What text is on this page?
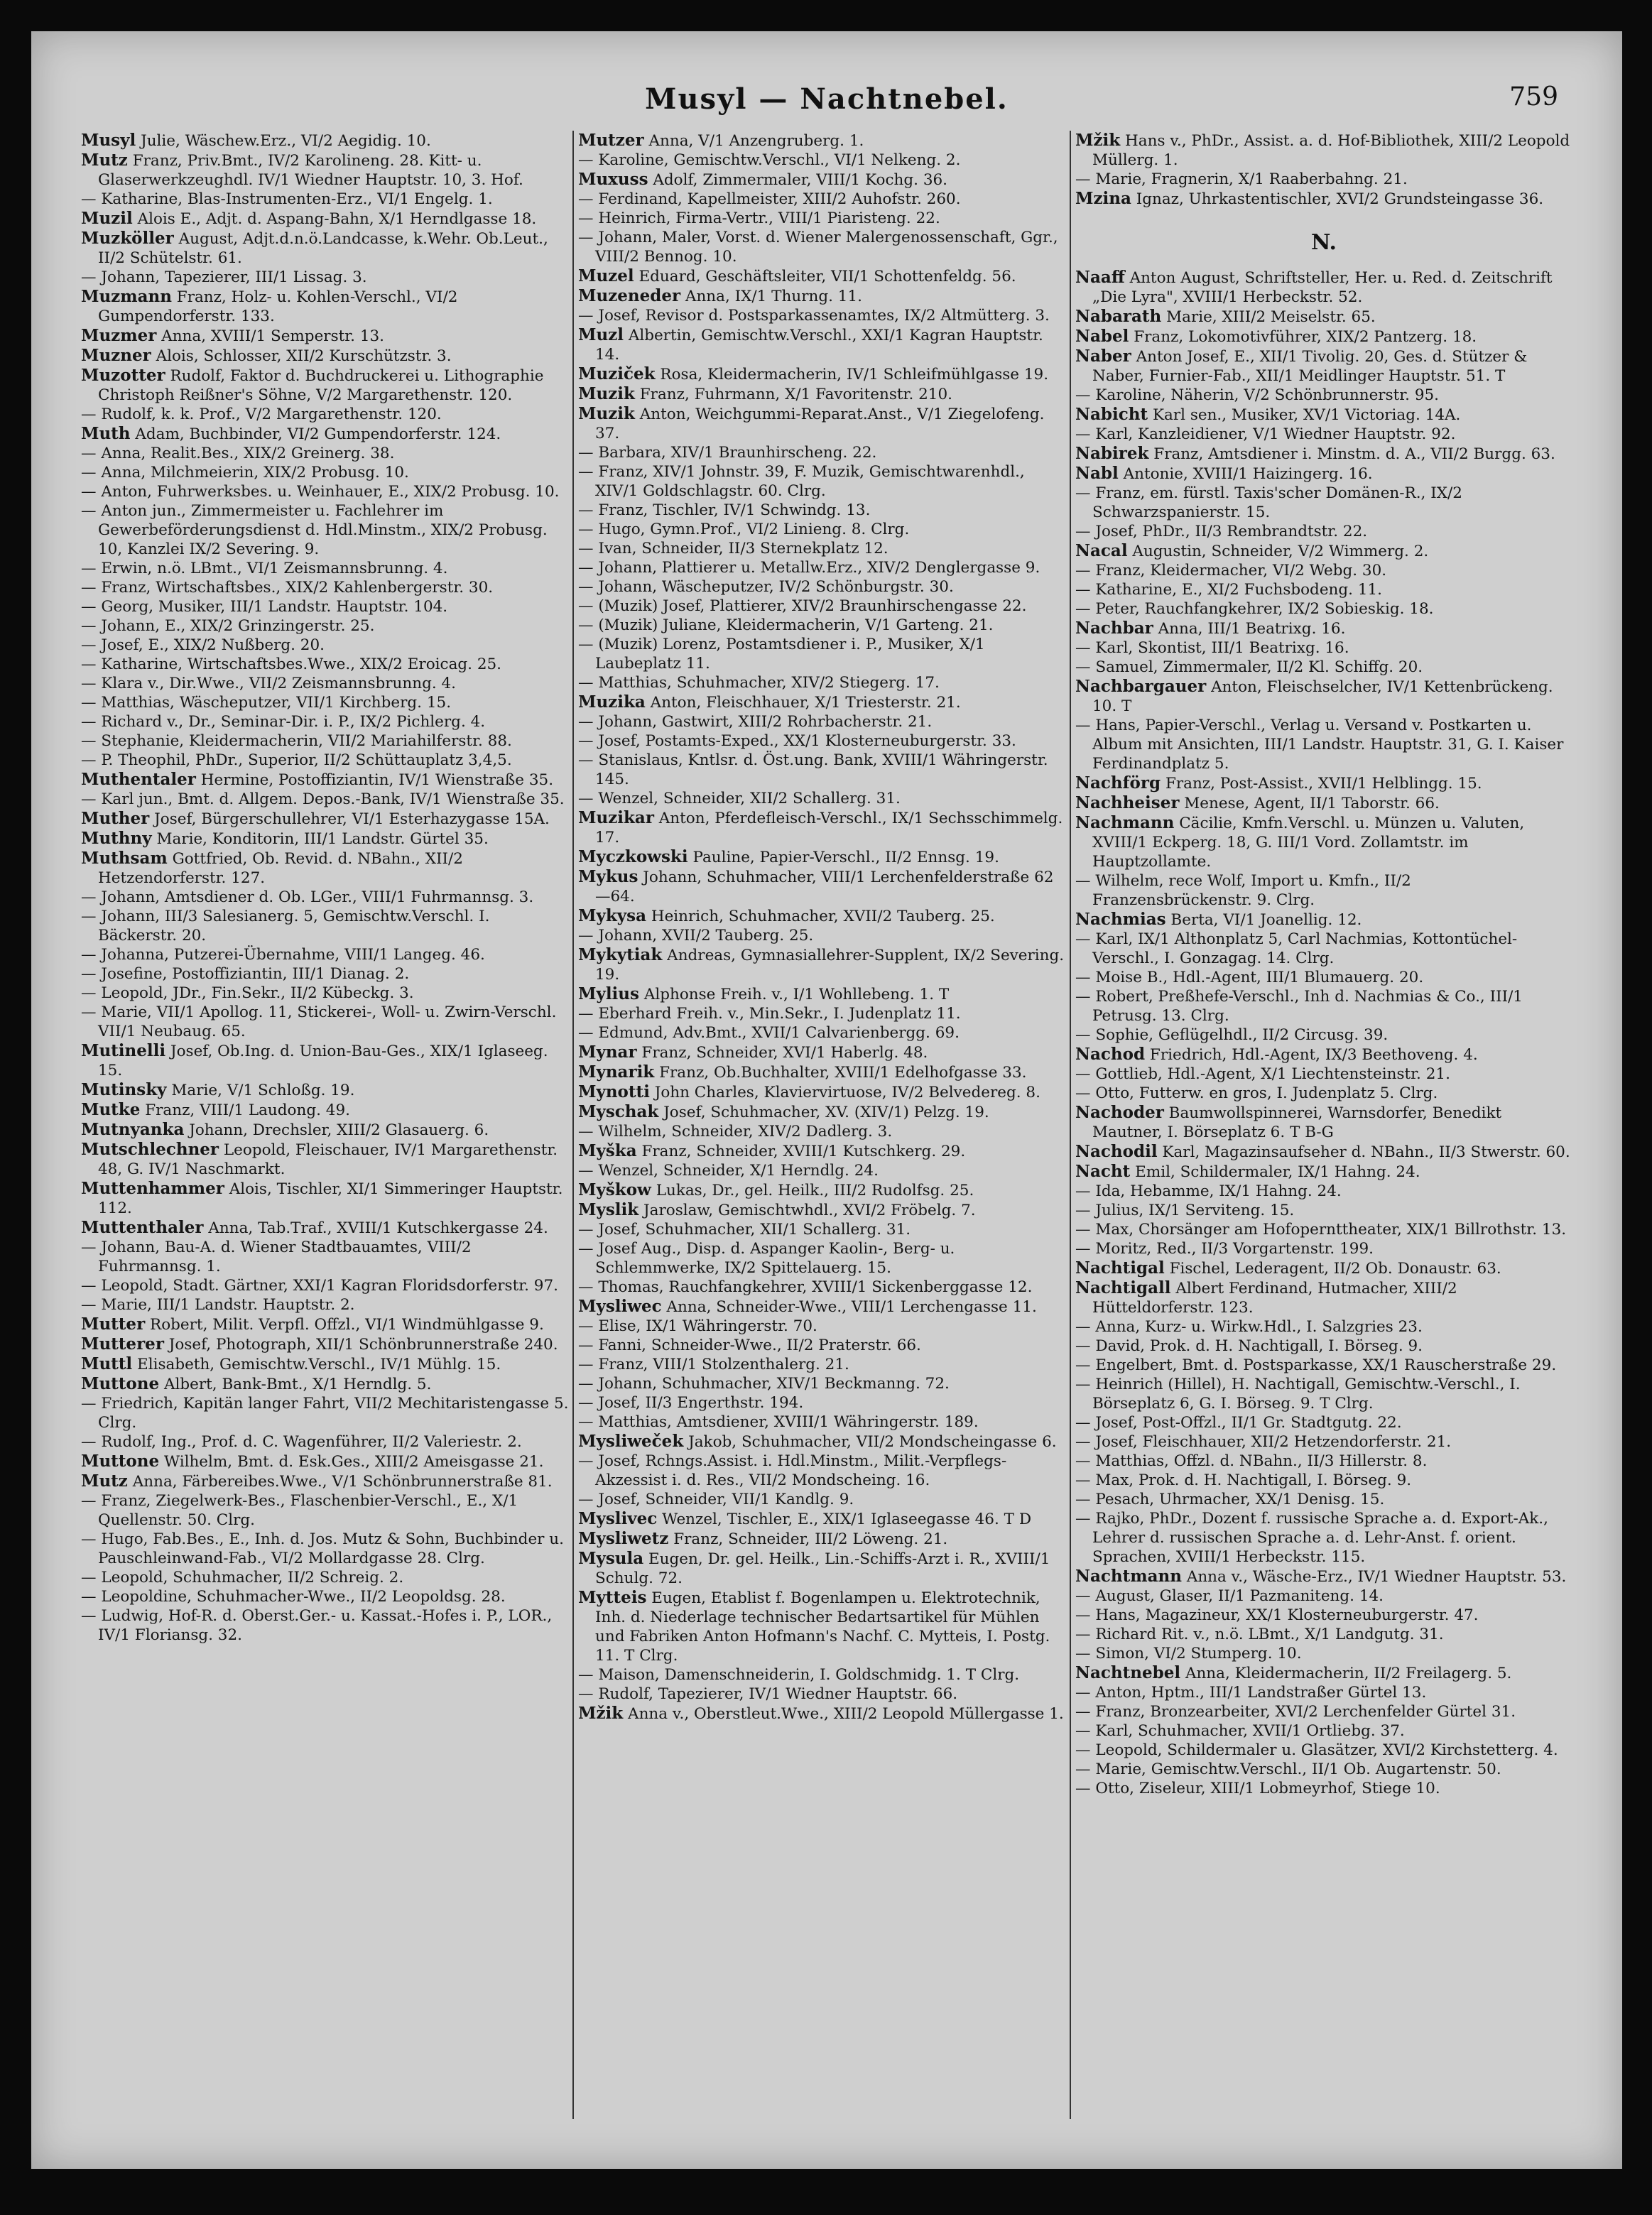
Musyl — Nachtnebel.	759

Musyl Julie, Wäschew.Erz., VI/2 Aegidig. 10.

Mutz Franz, Priv.Bmt., IV/2 Karolineng. 28. Kitt- u. Glaserwerkzeughdl. IV/1 Wiedner Hauptstr. 10, 3. Hof.

— Katharine, Blas-Instrumenten-Erz., VI/1 Engelg. 1.

Muzil Alois E., Adjt. d. Aspang-Bahn, X/1 Herndlgasse 18.

Muzköller August, Adjt.d.n.ö.Landcasse, k.Wehr. Ob.Leut., II/2 Schütelstr. 61.

— Johann, Tapezierer, III/1 Lissag. 3.

Muzmann Franz, Holz- u. Kohlen-Verschl., VI/2 Gumpendorferstr. 133.

Muzmer Anna, XVIII/1 Semperstr. 13.

Muzner Alois, Schlosser, XII/2 Kurschützstr. 3.

Muzotter Rudolf, Faktor d. Buchdruckerei u. Lithographie Christoph Reißner's Söhne, V/2 Margarethenstr. 120.

— Rudolf, k. k. Prof., V/2 Margarethenstr. 120.

Muth Adam, Buchbinder, VI/2 Gumpendorferstr. 124.

— Anna, Realit.Bes., XIX/2 Greinerg. 38.

— Anna, Milchmeierin, XIX/2 Probusg. 10.

— Anton, Fuhrwerksbes. u. Weinhauer, E., XIX/2 Probusg. 10.

— Anton jun., Zimmermeister u. Fachlehrer im Gewerbeförderungsdienst d. Hdl.Minstm., XIX/2 Probusg. 10, Kanzlei IX/2 Severing. 9.

— Erwin, n.ö. LBmt., VI/1 Zeismannsbrunng. 4.

— Franz, Wirtschaftsbes., XIX/2 Kahlenbergerstr. 30.

— Georg, Musiker, III/1 Landstr. Hauptstr. 104.

— Johann, E., XIX/2 Grinzingerstr. 25.

— Josef, E., XIX/2 Nußberg. 20.

— Katharine, Wirtschaftsbes.Wwe., XIX/2 Eroicag. 25.

— Klara v., Dir.Wwe., VII/2 Zeismannsbrunng. 4.

— Matthias, Wäscheputzer, VII/1 Kirchberg. 15.

— Richard v., Dr., Seminar-Dir. i. P., IX/2 Pichlerg. 4.

— Stephanie, Kleidermacherin, VII/2 Mariahilferstr. 88.

— P. Theophil, PhDr., Superior, II/2 Schüttauplatz 3,4,5.

Muthentaler Hermine, Postoffiziantin, IV/1 Wienstraße 35.

— Karl jun., Bmt. d. Allgem. Depos.-Bank, IV/1 Wienstraße 35.

Muther Josef, Bürgerschullehrer, VI/1 Esterhazygasse 15A.

Muthny Marie, Konditorin, III/1 Landstr. Gürtel 35.

Muthsam Gottfried, Ob. Revid. d. NBahn., XII/2 Hetzendorferstr. 127.

— Johann, Amtsdiener d. Ob. LGer., VIII/1 Fuhrmannsg. 3.

— Johann, III/3 Salesianerg. 5, Gemischtw.Verschl. I. Bäckerstr. 20.

— Johanna, Putzerei-Übernahme, VIII/1 Langeg. 46.

— Josefine, Postoffiziantin, III/1 Dianag. 2.

— Leopold, JDr., Fin.Sekr., II/2 Kübeckg. 3.

— Marie, VII/1 Apollog. 11, Stickerei-, Woll- u. Zwirn-Verschl. VII/1 Neubaug. 65.

Mutinelli Josef, Ob.Ing. d. Union-Bau-Ges., XIX/1 Iglaseeg. 15.

Mutinsky Marie, V/1 Schloßg. 19.

Mutke Franz, VIII/1 Laudong. 49.

Mutnyanka Johann, Drechsler, XIII/2 Glasauerg. 6.

Mutschlechner Leopold, Fleischauer, IV/1 Margarethenstr. 48, G. IV/1 Naschmarkt.

Muttenhammer Alois, Tischler, XI/1 Simmeringer Hauptstr. 112.

Muttenthaler Anna, Tab.Traf., XVIII/1 Kutschkergasse 24.

— Johann, Bau-A. d. Wiener Stadtbauamtes, VIII/2 Fuhrmannsg. 1.

— Leopold, Stadt. Gärtner, XXI/1 Kagran Floridsdorferstr. 97.

— Marie, III/1 Landstr. Hauptstr. 2.

Mutter Robert, Milit. Verpfl. Offzl., VI/1 Windmühlgasse 9.

Mutterer Josef, Photograph, XII/1 Schönbrunnerstraße 240.

Muttl Elisabeth, Gemischtw.Verschl., IV/1 Mühlg. 15.

Muttone Albert, Bank-Bmt., X/1 Herndlg. 5.

— Friedrich, Kapitän langer Fahrt, VII/2 Mechitaristengasse 5. Clrg.

— Rudolf, Ing., Prof. d. C. Wagenführer, II/2 Valeriestr. 2.

Muttone Wilhelm, Bmt. d. Esk.Ges., XIII/2 Ameisgasse 21.

Mutz Anna, Färbereibes.Wwe., V/1 Schönbrunnerstraße 81.

— Franz, Ziegelwerk-Bes., Flaschenbier-Verschl., E., X/1 Quellenstr. 50. Clrg.

— Hugo, Fab.Bes., E., Inh. d. Jos. Mutz & Sohn, Buchbinder u. Pauschleinwand-Fab., VI/2 Mollardgasse 28. Clrg.

— Leopold, Schuhmacher, II/2 Schreig. 2.

— Leopoldine, Schuhmacher-Wwe., II/2 Leopoldsg. 28.

— Ludwig, Hof-R. d. Oberst.Ger.- u. Kassat.-Hofes i. P., LOR., IV/1 Floriansg. 32.

Mutzer Anna, V/1 Anzengruberg. 1.

— Karoline, Gemischtw.Verschl., VI/1 Nelkeng. 2.

Muxuss Adolf, Zimmermaler, VIII/1 Kochg. 36.

— Ferdinand, Kapellmeister, XIII/2 Auhofstr. 260.

— Heinrich, Firma-Vertr., VIII/1 Piaristeng. 22.

— Johann, Maler, Vorst. d. Wiener Malergenossenschaft, Ggr., VIII/2 Bennog. 10.

Muzel Eduard, Geschäftsleiter, VII/1 Schottenfeldg. 56.

Muzeneder Anna, IX/1 Thurng. 11.

— Josef, Revisor d. Postsparkassenamtes, IX/2 Altmütterg. 3.

Muzl Albertin, Gemischtw.Verschl., XXI/1 Kagran Hauptstr. 14.

Muziček Rosa, Kleidermacherin, IV/1 Schleifmühlgasse 19.

Muzik Franz, Fuhrmann, X/1 Favoritenstr. 210.

Muzik Anton, Weichgummi-Reparat.Anst., V/1 Ziegelofeng. 37.

— Barbara, XIV/1 Braunhirscheng. 22.

— Franz, XIV/1 Johnstr. 39, F. Muzik, Gemischtwarenhdl., XIV/1 Goldschlagstr. 60. Clrg.

— Franz, Tischler, IV/1 Schwindg. 13.

— Hugo, Gymn.Prof., VI/2 Linieng. 8. Clrg.

— Ivan, Schneider, II/3 Sternekplatz 12.

— Johann, Plattierer u. Metallw.Erz., XIV/2 Denglergasse 9.

— Johann, Wäscheputzer, IV/2 Schönburgstr. 30.

— (Muzik) Josef, Plattierer, XIV/2 Braunhirschengasse 22.

— (Muzik) Juliane, Kleidermacherin, V/1 Garteng. 21.

— (Muzik) Lorenz, Postamtsdiener i. P., Musiker, X/1 Laubeplatz 11.

— Matthias, Schuhmacher, XIV/2 Stiegerg. 17.

Muzika Anton, Fleischhauer, X/1 Triesterstr. 21.

— Johann, Gastwirt, XIII/2 Rohrbacherstr. 21.

— Josef, Postamts-Exped., XX/1 Klosterneuburgerstr. 33.

— Stanislaus, Kntlsr. d. Öst.ung. Bank, XVIII/1 Währingerstr. 145.

— Wenzel, Schneider, XII/2 Schallerg. 31.

Muzikar Anton, Pferdefleisch-Verschl., IX/1 Sechsschimmelg. 17.

Myczkowski Pauline, Papier-Verschl., II/2 Ennsg. 19.

Mykus Johann, Schuhmacher, VIII/1 Lerchenfelderstraße 62—64.

Mykysa Heinrich, Schuhmacher, XVII/2 Tauberg. 25.

— Johann, XVII/2 Tauberg. 25.

Mykytiak Andreas, Gymnasiallehrer-Supplent, IX/2 Severing. 19.

Mylius Alphonse Freih. v., I/1 Wohllebeng. 1. T

— Eberhard Freih. v., Min.Sekr., I. Judenplatz 11.

— Edmund, Adv.Bmt., XVII/1 Calvarienbergg. 69.

Mynar Franz, Schneider, XVI/1 Haberlg. 48.

Mynarik Franz, Ob.Buchhalter, XVIII/1 Edelhofgasse 33.

Mynotti John Charles, Klaviervirtuose, IV/2 Belvedereg. 8.

Myschak Josef, Schuhmacher, XV. (XIV/1) Pelzg. 19.

— Wilhelm, Schneider, XIV/2 Dadlerg. 3.

Myška Franz, Schneider, XVIII/1 Kutschkerg. 29.

— Wenzel, Schneider, X/1 Herndlg. 24.

Myškow Lukas, Dr., gel. Heilk., III/2 Rudolfsg. 25.

Myslik Jaroslaw, Gemischtwhdl., XVI/2 Fröbelg. 7.

— Josef, Schuhmacher, XII/1 Schallerg. 31.

— Josef Aug., Disp. d. Aspanger Kaolin-, Berg- u. Schlemmwerke, IX/2 Spittelauerg. 15.

— Thomas, Rauchfangkehrer, XVIII/1 Sickenberggasse 12.

Mysliwec Anna, Schneider-Wwe., VIII/1 Lerchengasse 11.

— Elise, IX/1 Währingerstr. 70.

— Fanni, Schneider-Wwe., II/2 Praterstr. 66.

— Franz, VIII/1 Stolzenthalerg. 21.

— Johann, Schuhmacher, XIV/1 Beckmanng. 72.

— Josef, II/3 Engerthstr. 194.

— Matthias, Amtsdiener, XVIII/1 Währingerstr. 189.

Mysliweček Jakob, Schuhmacher, VII/2 Mondscheingasse 6.

— Josef, Rchngs.Assist. i. Hdl.Minstm., Milit.-Verpflegs-Akzessist i. d. Res., VII/2 Mondscheing. 16.

— Josef, Schneider, VII/1 Kandlg. 9.

Myslivec Wenzel, Tischler, E., XIX/1 Iglaseegasse 46. T D

Mysliwetz Franz, Schneider, III/2 Löweng. 21.

Mysula Eugen, Dr. gel. Heilk., Lin.-Schiffs-Arzt i. R., XVIII/1 Schulg. 72.

Mytteis Eugen, Etablist f. Bogenlampen u. Elektrotechnik, Inh. d. Niederlage technischer Bedartsartikel für Mühlen und Fabriken Anton Hofmann's Nachf. C. Mytteis, I. Postg. 11. T Clrg.

— Maison, Damenschneiderin, I. Goldschmidg. 1. T Clrg.

— Rudolf, Tapezierer, IV/1 Wiedner Hauptstr. 66.

Mžik Anna v., Oberstleut.Wwe., XIII/2 Leopold Müllergasse 1.

Mžik Hans v., PhDr., Assist. a. d. Hof-Bibliothek, XIII/2 Leopold Müllerg. 1.

— Marie, Fragnerin, X/1 Raaberbahng. 21.

Mzina Ignaz, Uhrkastentischler, XVI/2 Grundsteingasse 36.

N.

Naaff Anton August, Schriftsteller, Her. u. Red. d. Zeitschrift „Die Lyra", XVIII/1 Herbeckstr. 52.

Nabarath Marie, XIII/2 Meiselstr. 65.

Nabel Franz, Lokomotivführer, XIX/2 Pantzerg. 18.

Naber Anton Josef, E., XII/1 Tivolig. 20, Ges. d. Stützer & Naber, Furnier-Fab., XII/1 Meidlinger Hauptstr. 51. T

— Karoline, Näherin, V/2 Schönbrunnerstr. 95.

Nabicht Karl sen., Musiker, XV/1 Victoriag. 14A.

— Karl, Kanzleidiener, V/1 Wiedner Hauptstr. 92.

Nabirek Franz, Amtsdiener i. Minstm. d. A., VII/2 Burgg. 63.

Nabl Antonie, XVIII/1 Haizingerg. 16.

— Franz, em. fürstl. Taxis'scher Domänen-R., IX/2 Schwarzspanierstr. 15.

— Josef, PhDr., II/3 Rembrandtstr. 22.

Nacal Augustin, Schneider, V/2 Wimmerg. 2.

— Franz, Kleidermacher, VI/2 Webg. 30.

— Katharine, E., XI/2 Fuchsbodeng. 11.

— Peter, Rauchfangkehrer, IX/2 Sobieskig. 18.

Nachbar Anna, III/1 Beatrixg. 16.

— Karl, Skontist, III/1 Beatrixg. 16.

— Samuel, Zimmermaler, II/2 Kl. Schiffg. 20.

Nachbargauer Anton, Fleischselcher, IV/1 Kettenbrückeng. 10. T

— Hans, Papier-Verschl., Verlag u. Versand v. Postkarten u. Album mit Ansichten, III/1 Landstr. Hauptstr. 31, G. I. Kaiser Ferdinandplatz 5.

Nachförg Franz, Post-Assist., XVII/1 Helblingg. 15.

Nachheiser Menese, Agent, II/1 Taborstr. 66.

Nachmann Cäcilie, Kmfn.Verschl. u. Münzen u. Valuten, XVIII/1 Eckperg. 18, G. III/1 Vord. Zollamtstr. im Hauptzollamte.

— Wilhelm, rece Wolf, Import u. Kmfn., II/2 Franzensbrückenstr. 9. Clrg.

Nachmias Berta, VI/1 Joanellig. 12.

— Karl, IX/1 Althonplatz 5, Carl Nachmias, Kottontüchel-Verschl., I. Gonzagag. 14. Clrg.

— Moise B., Hdl.-Agent, III/1 Blumauerg. 20.

— Robert, Preßhefe-Verschl., Inh d. Nachmias & Co., III/1 Petrusg. 13. Clrg.

— Sophie, Geflügelhdl., II/2 Circusg. 39.

Nachod Friedrich, Hdl.-Agent, IX/3 Beethoveng. 4.

— Gottlieb, Hdl.-Agent, X/1 Liechtensteinstr. 21.

— Otto, Futterw. en gros, I. Judenplatz 5. Clrg.

Nachoder Baumwollspinnerei, Warnsdorfer, Benedikt Mautner, I. Börseplatz 6. T B-G

Nachodil Karl, Magazinsaufseher d. NBahn., II/3 Stwerstr. 60.

Nacht Emil, Schildermaler, IX/1 Hahng. 24.

— Ida, Hebamme, IX/1 Hahng. 24.

— Julius, IX/1 Serviteng. 15.

— Max, Chorsänger am Hofopernttheater, XIX/1 Billrothstr. 13.

— Moritz, Red., II/3 Vorgartenstr. 199.

Nachtigal Fischel, Lederagent, II/2 Ob. Donaustr. 63.

Nachtigall Albert Ferdinand, Hutmacher, XIII/2 Hütteldorferstr. 123.

— Anna, Kurz- u. Wirkw.Hdl., I. Salzgries 23.

— David, Prok. d. H. Nachtigall, I. Börseg. 9.

— Engelbert, Bmt. d. Postsparkasse, XX/1 Rauscherstraße 29.

— Heinrich (Hillel), H. Nachtigall, Gemischtw.-Verschl., I. Börseplatz 6, G. I. Börseg. 9. T Clrg.

— Josef, Post-Offzl., II/1 Gr. Stadtgutg. 22.

— Josef, Fleischhauer, XII/2 Hetzendorferstr. 21.

— Matthias, Offzl. d. NBahn., II/3 Hillerstr. 8.

— Max, Prok. d. H. Nachtigall, I. Börseg. 9.

— Pesach, Uhrmacher, XX/1 Denisg. 15.

— Rajko, PhDr., Dozent f. russische Sprache a. d. Export-Ak., Lehrer d. russischen Sprache a. d. Lehr-Anst. f. orient. Sprachen, XVIII/1 Herbeckstr. 115.

Nachtmann Anna v., Wäsche-Erz., IV/1 Wiedner Hauptstr. 53.

— August, Glaser, II/1 Pazmaniteng. 14.

— Hans, Magazineur, XX/1 Klosterneuburgerstr. 47.

— Richard Rit. v., n.ö. LBmt., X/1 Landgutg. 31.

— Simon, VI/2 Stumperg. 10.

Nachtnebel Anna, Kleidermacherin, II/2 Freilagerg. 5.

— Anton, Hptm., III/1 Landstraßer Gürtel 13.

— Franz, Bronzearbeiter, XVI/2 Lerchenfelder Gürtel 31.

— Karl, Schuhmacher, XVII/1 Ortliebg. 37.

— Leopold, Schildermaler u. Glasätzer, XVI/2 Kirchstetterg. 4.

— Marie, Gemischtw.Verschl., II/1 Ob. Augartenstr. 50.

— Otto, Ziseleur, XIII/1 Lobmeyrhof, Stiege 10.
